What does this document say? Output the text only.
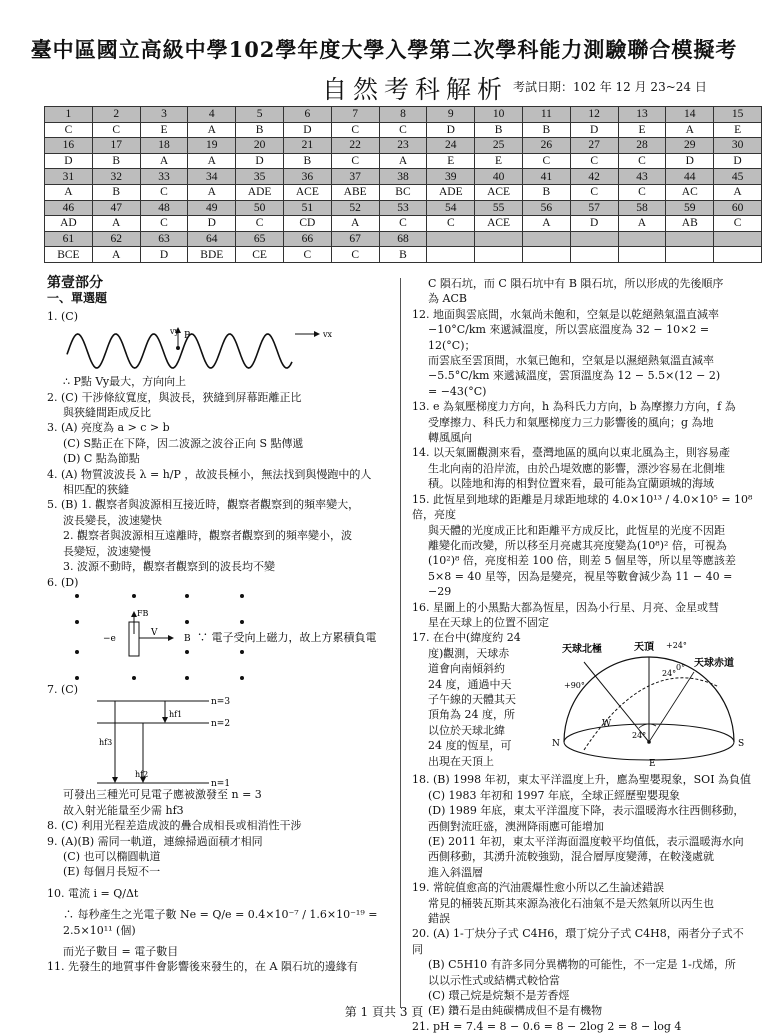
臺中區國立高級中學102學年度大學入學第二次學科能力測驗聯合模擬考
自然考科解析 考試日期：102 年 12 月 23~24 日
1	2	3	4	5	6	7	8	9	10	11	12	13	14	15
C	C	E	A	B	D	C	C	D	B	B	D	E	A	E
16	17	18	19	20	21	22	23	24	25	26	27	28	29	30
D	B	A	A	D	B	C	A	E	E	C	C	C	D	D
31	32	33	34	35	36	37	38	39	40	41	42	43	44	45
A	B	C	A	ADE	ACE	ABE	BC	ADE	ACE	B	C	C	AC	A
46	47	48	49	50	51	52	53	54	55	56	57	58	59	60
AD	A	C	D	C	CD	A	C	C	ACE	A	D	A	AB	C
61	62	63	64	65	66	67	68							
BCE	A	D	BDE	CE	C	C	B							

第壹部分

一、單選題

1. (C)

vy P	vx

∴ P點 Vy最大，方向向上

2. (C) 干涉條紋寬度，與波長，狹縫到屏幕距離正比

與狹縫間距成反比

3. (A) 亮度為 a > c > b

(C) S點正在下降，因二波源之波谷正向 S 點傳遞

(D) C 點為節點

4. (A) 物質波波長 λ = h/P ，故波長極小，無法找到與慢跑中的人

相匹配的狹縫

5. (B) 1. 觀察者與波源相互接近時，觀察者觀察到的頻率變大，

波長變長，波速變快

2. 觀察者與波源相互遠離時，觀察者觀察到的頻率變小，波

長變短，波速變慢

3. 波源不動時，觀察者觀察到的波長均不變

6. (D)

FB
−e
V
B ∵ 電子受向上磁力，故上方累積負電

7. (C)

n=3
n=2
n=1
hf1
hf3
hf2

可發出三種光可見電子應被激發至 n = 3

故入射光能量至少需 hf3

8. (C) 利用光程差造成波的疊合成相長或相消性干涉

9. (A)(B) 需同一軌道，連線掃過面積才相同

(C) 也可以橢圓軌道

(E) 每個月長短不一

10. 電流 i = Q/Δt

∴ 每秒產生之光電子數 Ne = Q/e = 0.4×10⁻⁷ / 1.6×10⁻¹⁹ = 2.5×10¹¹ (個)

而光子數目 = 電子數目

11. 先發生的地質事件會影響後來發生的，在 A 隕石坑的邊緣有

C 隕石坑，而 C 隕石坑中有 B 隕石坑，所以形成的先後順序

為 ACB

12. 地面與雲底間，水氣尚未飽和，空氣是以乾絕熱氣溫直減率

−10°C/km 來遞減溫度，所以雲底溫度為 32 − 10×2 = 12(°C)；

而雲底至雲頂間，水氣已飽和，空氣是以濕絕熱氣溫直減率

−5.5°C/km 來遞減溫度，雲頂溫度為 12 − 5.5×(12 − 2)

= −43(°C)

13. e 為氣壓梯度力方向，h 為科氏力方向，b 為摩擦力方向，f 為

受摩擦力、科氏力和氣壓梯度力三力影響後的風向；g 為地

轉風風向

14. 以天氣圖觀測來看，臺灣地區的風向以東北風為主，則容易產

生北向南的沿岸流，由於凸堤效應的影響，漂沙容易在北側堆

積。以陸地和海的相對位置來看，最可能為宜蘭頭城的海域

15. 此恆星到地球的距離是月球距地球的 4.0×10¹³ / 4.0×10⁵ = 10⁸ 倍，亮度

與天體的光度成正比和距離平方成反比，此恆星的光度不因距

離變化而改變，所以移至月亮處其亮度變為(10⁸)² 倍，可視為

(10²)⁸ 倍，亮度相差 100 倍，則差 5 個星等，所以星等應該差

5×8 = 40 星等，因為是變亮，視星等數會減少為 11 − 40 = −29

16. 星圖上的小黑點大都為恆星，因為小行星、月亮、金星或彗

星在天球上的位置不固定

17. 在台中(緯度約 24

度)觀測，天球赤

道會向南傾斜約

24 度，通過中天

子午線的天體其天

頂角為 24 度，所

以位於天球北緯

24 度的恆星，可

出現在天頂上

天球北極	天頂
天球赤道
+24°
24°
0°
+90°
24°
N	S
W
E

18. (B) 1998 年初，東太平洋溫度上升，應為聖嬰現象，SOI 為負值

(C) 1983 年初和 1997 年底，全球正經歷聖嬰現象

(D) 1989 年底，東太平洋溫度下降，表示溫暖海水往西側移動，

西側對流旺盛，澳洲降雨應可能增加

(E) 2011 年初，東太平洋海面溫度較平均值低，表示溫暖海水向

西側移動，其湧升流較強勁，混合層厚度變薄，在較淺處就

進入斜溫層

19. 常皖值愈高的汽油震爆性愈小所以乙生論述錯誤

常見的桶裝瓦斯其來源為液化石油氣不是天然氣所以丙生也

錯誤

20. (A) 1-丁炔分子式 C4H6，環丁烷分子式 C4H8，兩者分子式不同

(B) C5H10 有許多同分異構物的可能性，不一定是 1-戊烯，所

以以示性式或結構式較恰當

(C) 環己烷是烷類不是芳香烴

(E) 鑽石是由純碳構成但不是有機物

21. pH = 7.4 = 8 − 0.6 = 8 − 2log 2 = 8 − log 4

第 1 頁共 3 頁
